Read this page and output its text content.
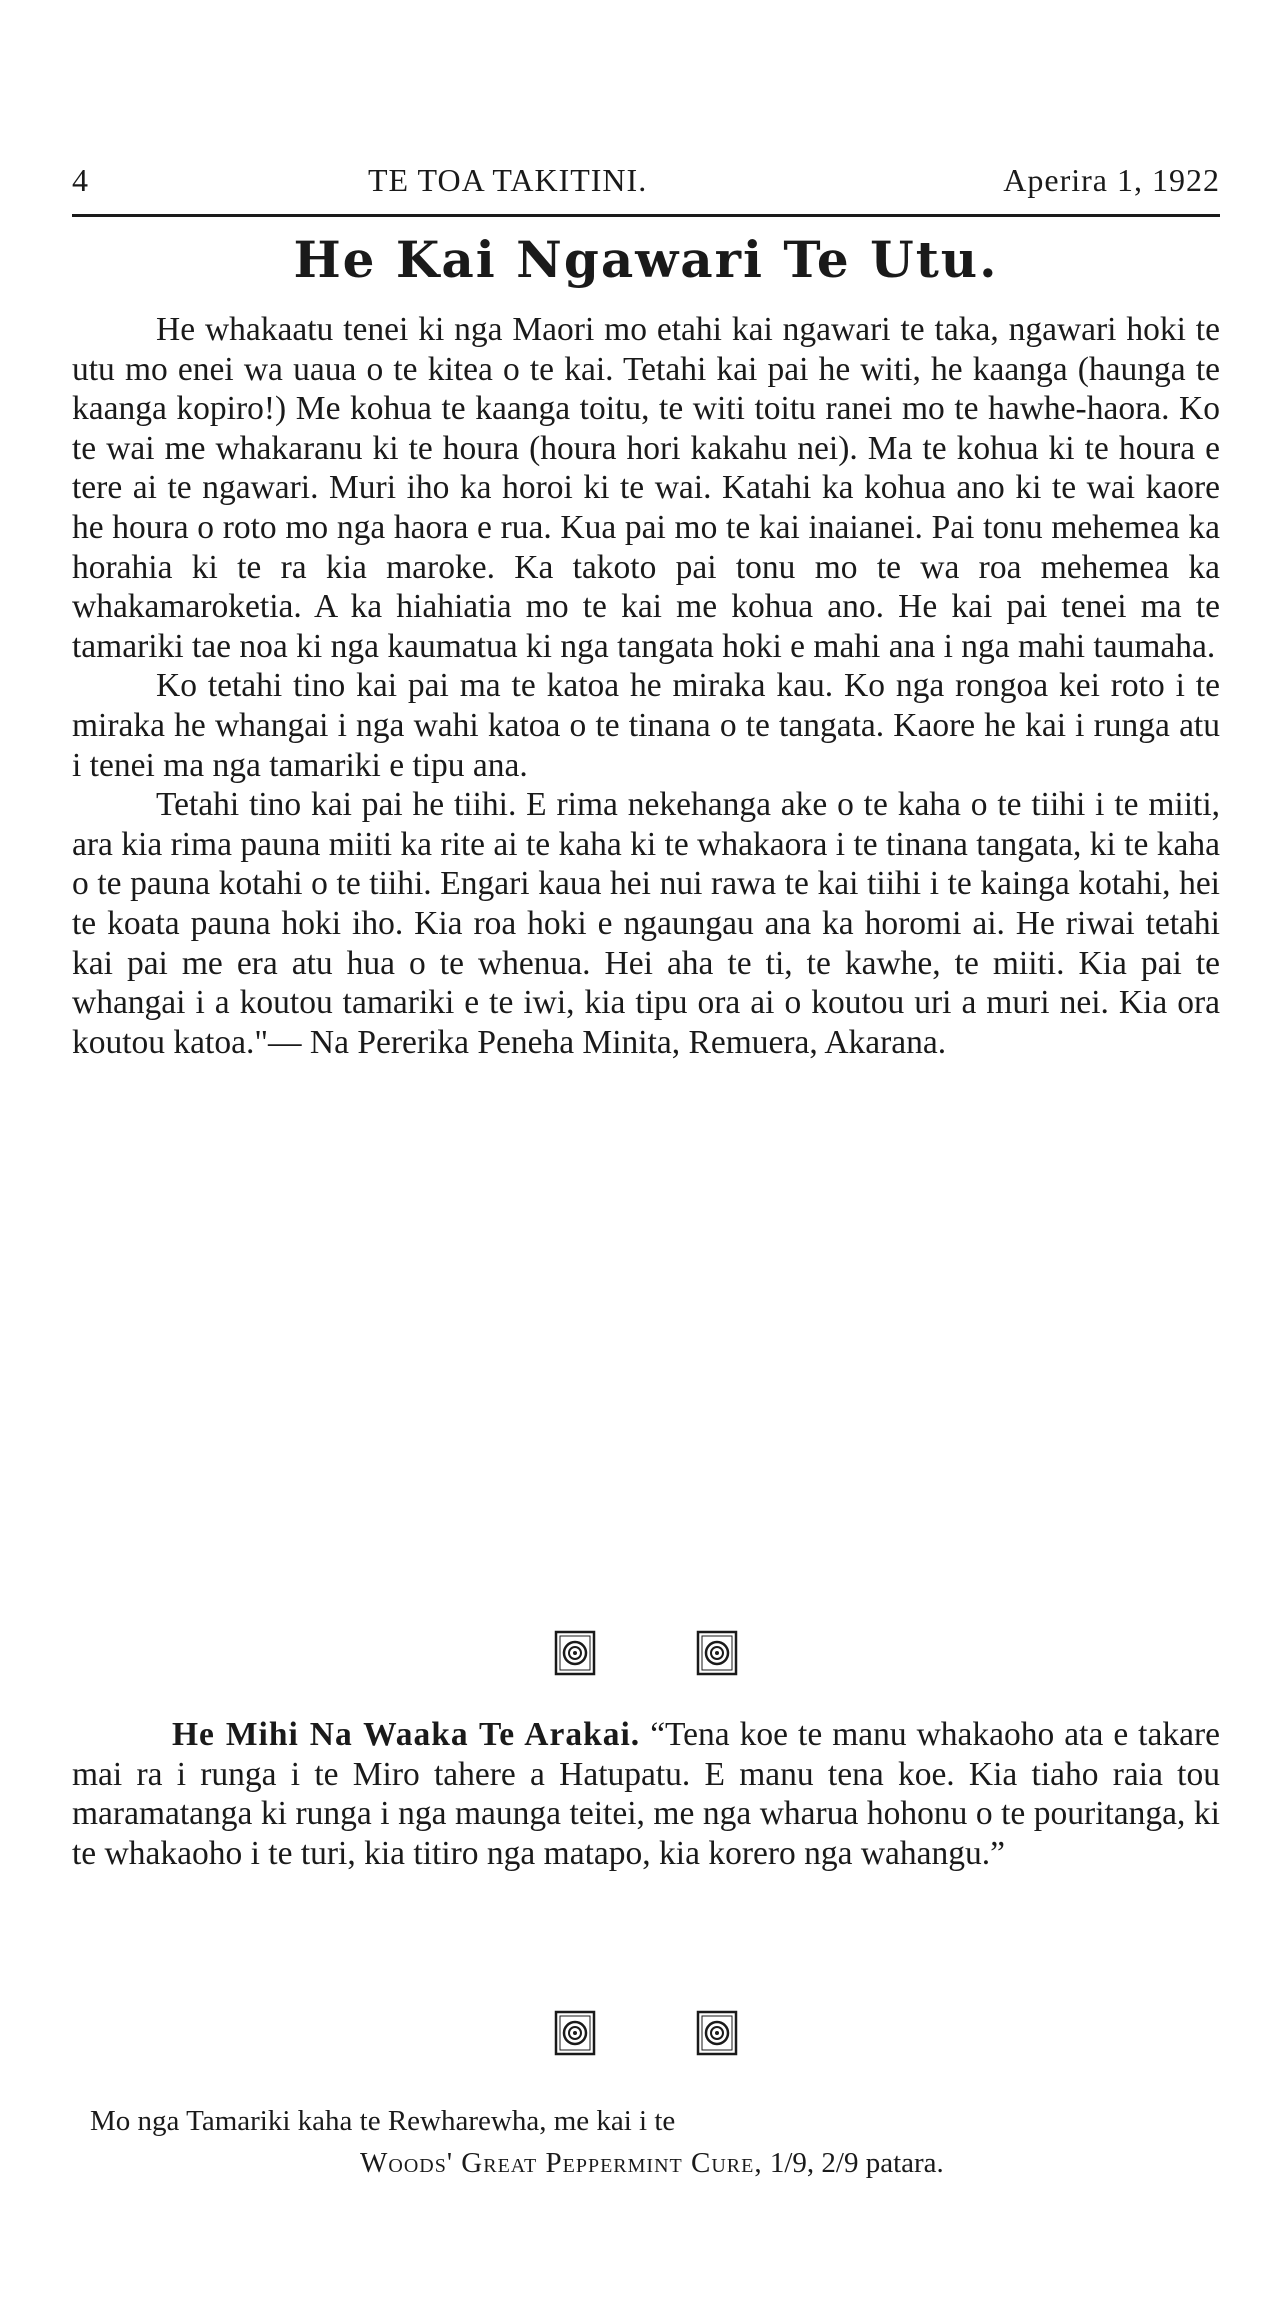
4	TE TOA TAKITINI.	Aperira 1, 1922
He Kai Ngawari Te Utu.

He whakaatu tenei ki nga Maori mo etahi kai ngawari te taka, ngawari hoki te utu mo enei wa uaua o te kitea o te kai. Tetahi kai pai he witi, he kaanga (haunga te kaanga kopiro!) Me kohua te kaanga toitu, te witi toitu ranei mo te hawhe-haora. Ko te wai me whakaranu ki te houra (houra hori kakahu nei). Ma te kohua ki te houra e tere ai te ngawari. Muri iho ka horoi ki te wai. Katahi ka kohua ano ki te wai kaore he houra o roto mo nga haora e rua. Kua pai mo te kai inaianei. Pai tonu mehemea ka horahia ki te ra kia maroke. Ka takoto pai tonu mo te wa roa mehemea ka whakamaroketia. A ka hiahiatia mo te kai me kohua ano. He kai pai tenei ma te tamariki tae noa ki nga kaumatua ki nga tangata hoki e mahi ana i nga mahi taumaha.

Ko tetahi tino kai pai ma te katoa he miraka kau. Ko nga rongoa kei roto i te miraka he whangai i nga wahi katoa o te tinana o te tangata. Kaore he kai i runga atu i tenei ma nga tamariki e tipu ana.

Tetahi tino kai pai he tiihi. E rima nekehanga ake o te kaha o te tiihi i te miiti, ara kia rima pauna miiti ka rite ai te kaha ki te whakaora i te tinana tangata, ki te kaha o te pauna kotahi o te tiihi. Engari kaua hei nui rawa te kai tiihi i te kainga kotahi, hei te koata pauna hoki iho. Kia roa hoki e ngaungau ana ka horomi ai. He riwai tetahi kai pai me era atu hua o te whenua. Hei aha te ti, te kawhe, te miiti. Kia pai te whangai i a koutou tamariki e te iwi, kia tipu ora ai o koutou uri a muri nei. Kia ora koutou katoa."— Na Pererika Peneha Minita, Remuera, Akarana.

He Mihi Na Waaka Te Arakai. “Tena koe te manu whakaoho ata e takare mai ra i runga i te Miro tahere a Hatupatu. E manu tena koe. Kia tiaho raia tou maramatanga ki runga i nga maunga teitei, me nga wharua hohonu o te pouritanga, ki te whakaoho i te turi, kia titiro nga matapo, kia korero nga wahangu.”

Mo nga Tamariki kaha te Rewharewha, me kai i te
Woods' Great Peppermint Cure, 1/9, 2/9 patara.
